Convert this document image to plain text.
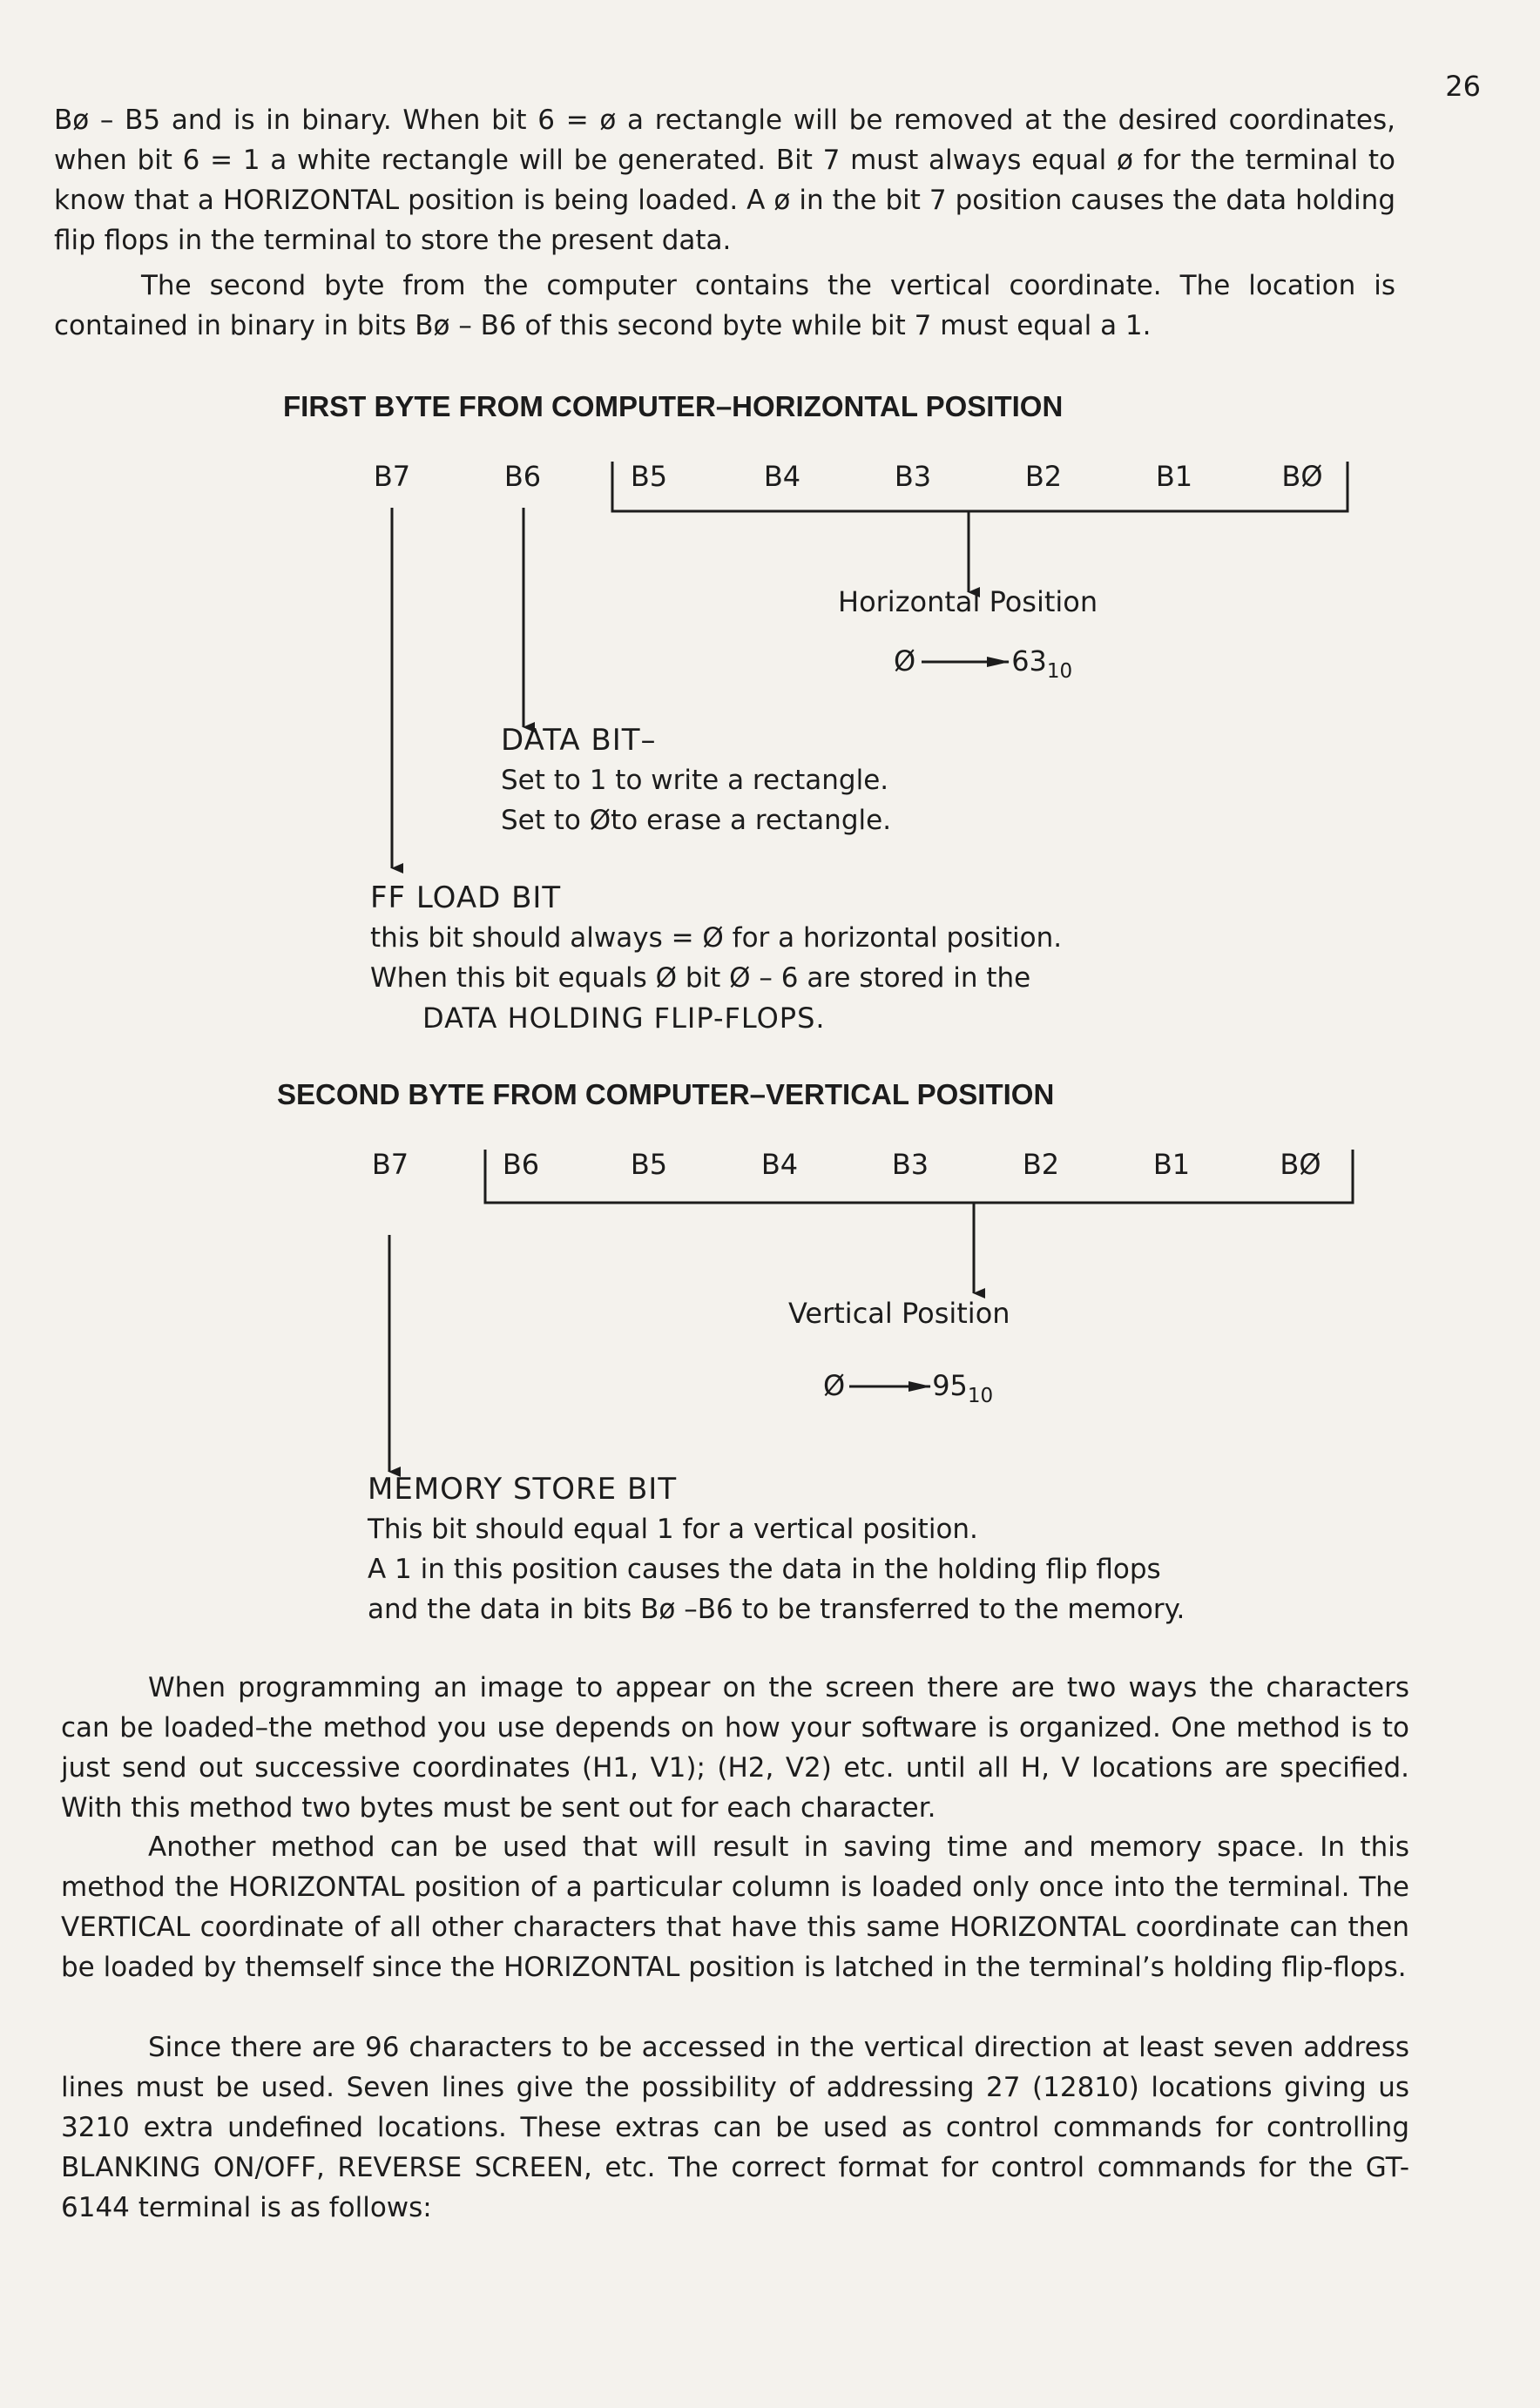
26

Bø – B5 and is in binary. When bit 6 = ø a rectangle will be removed at the desired coordinates, when bit 6 = 1 a white rectangle will be generated. Bit 7 must always equal ø for the terminal to know that a HORIZONTAL position is being loaded. A ø in the bit 7 position causes the data holding flip flops in the terminal to store the present data.

The second byte from the computer contains the vertical coordinate. The location is contained in binary in bits Bø – B6 of this second byte while bit 7 must equal a 1.

FIRST BYTE FROM COMPUTER–HORIZONTAL POSITION
B7	B6	B5	B4	B3	B2	B1	BØ
Horizontal Position
Ø	$63_{10}$
DATA BIT–
Set to 1 to write a rectangle.
Set to Øto erase a rectangle.
FF LOAD BIT
this bit should always = Ø for a horizontal position.
When this bit equals Ø bit Ø – 6 are stored in the
DATA HOLDING FLIP-FLOPS.
SECOND BYTE FROM COMPUTER–VERTICAL POSITION
B7	B6	B5	B4	B3	B2	B1	BØ
Vertical Position
Ø	$95_{10}$
MEMORY STORE BIT
This bit should equal 1 for a vertical position.
A 1 in this position causes the data in the holding flip flops
and the data in bits Bø –B6 to be transferred to the memory.

When programming an image to appear on the screen there are two ways the characters can be loaded–the method you use depends on how your software is organized. One method is to just send out successive coordinates (H1, V1); (H2, V2) etc. until all H, V locations are specified. With this method two bytes must be sent out for each character.

Another method can be used that will result in saving time and memory space. In this method the HORIZONTAL position of a particular column is loaded only once into the terminal. The VERTICAL coordinate of all other characters that have this same HORIZONTAL coordinate can then be loaded by themself since the HORIZONTAL position is latched in the terminal’s holding flip-flops.

Since there are 96 characters to be accessed in the vertical direction at least seven address lines must be used. Seven lines give the possibility of addressing 27 (12810) locations giving us 3210 extra undefined locations. These extras can be used as control commands for controlling BLANKING ON/OFF, REVERSE SCREEN, etc. The correct format for control commands for the GT-6144 terminal is as follows:
